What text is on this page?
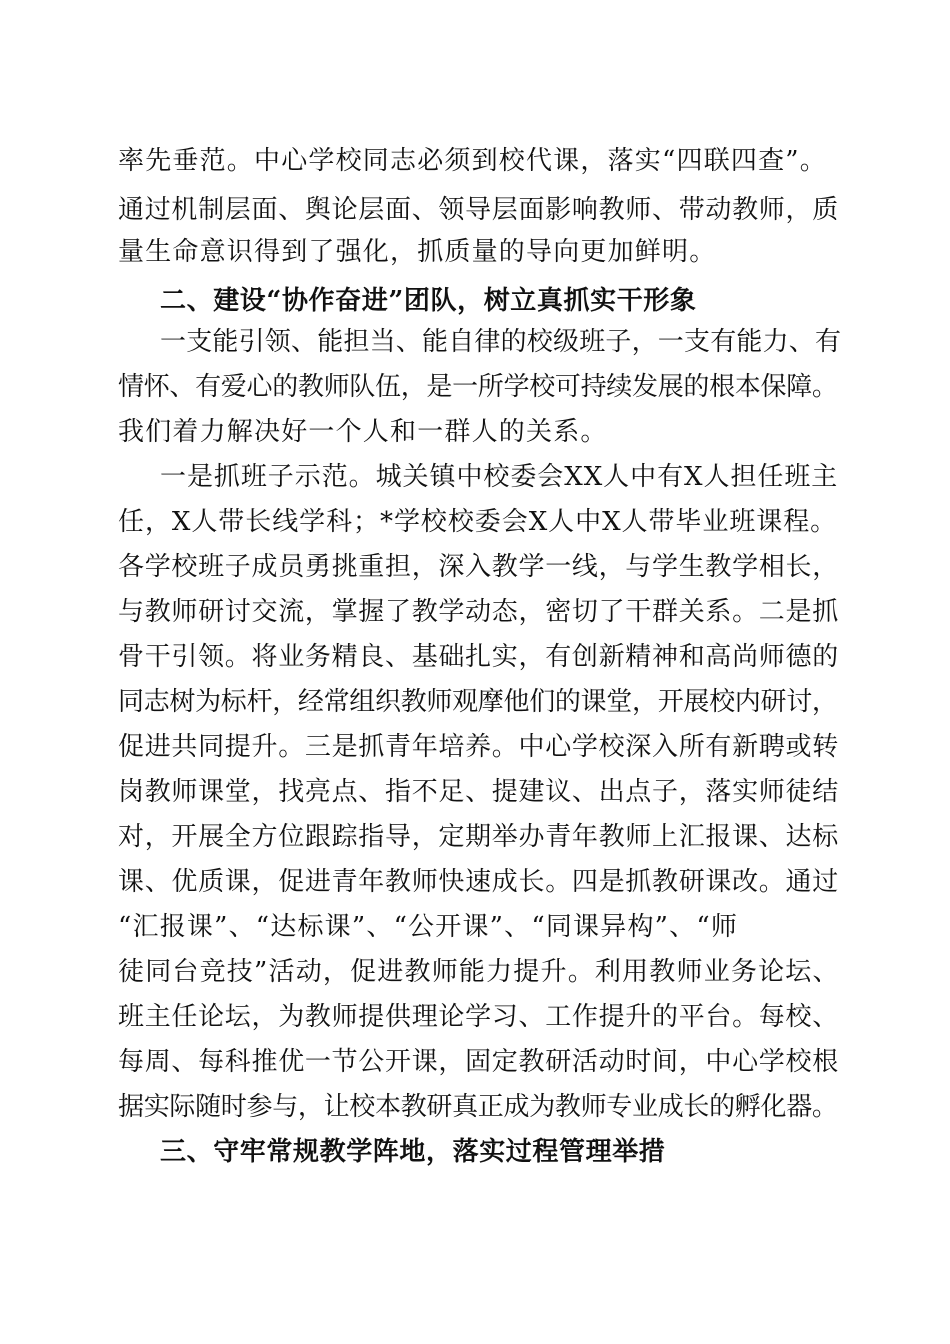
率先垂范。中心学校同志必须到校代课，落实“四联四查”。
通过机制层面、舆论层面、领导层面影响教师、带动教师，质
量生命意识得到了强化，抓质量的导向更加鲜明。
二、建设“协作奋进”团队，树立真抓实干形象
一支能引领、能担当、能自律的校级班子，一支有能力、有
情怀、有爱心的教师队伍，是一所学校可持续发展的根本保障。
我们着力解决好一个人和一群人的关系。
一是抓班子示范。城关镇中校委会XX人中有X人担任班主
任，X人带长线学科；*学校校委会X人中X人带毕业班课程。
各学校班子成员勇挑重担，深入教学一线，与学生教学相长，
与教师研讨交流，掌握了教学动态，密切了干群关系。二是抓
骨干引领。将业务精良、基础扎实，有创新精神和高尚师德的
同志树为标杆，经常组织教师观摩他们的课堂，开展校内研讨，
促进共同提升。三是抓青年培养。中心学校深入所有新聘或转
岗教师课堂，找亮点、指不足、提建议、出点子，落实师徒结
对，开展全方位跟踪指导，定期举办青年教师上汇报课、达标
课、优质课，促进青年教师快速成长。四是抓教研课改。通过
“汇报课”、“达标课”、“公开课”、“同课异构”、“师
徒同台竞技”活动，促进教师能力提升。利用教师业务论坛、
班主任论坛，为教师提供理论学习、工作提升的平台。每校、
每周、每科推优一节公开课，固定教研活动时间，中心学校根
据实际随时参与，让校本教研真正成为教师专业成长的孵化器。
三、守牢常规教学阵地，落实过程管理举措
